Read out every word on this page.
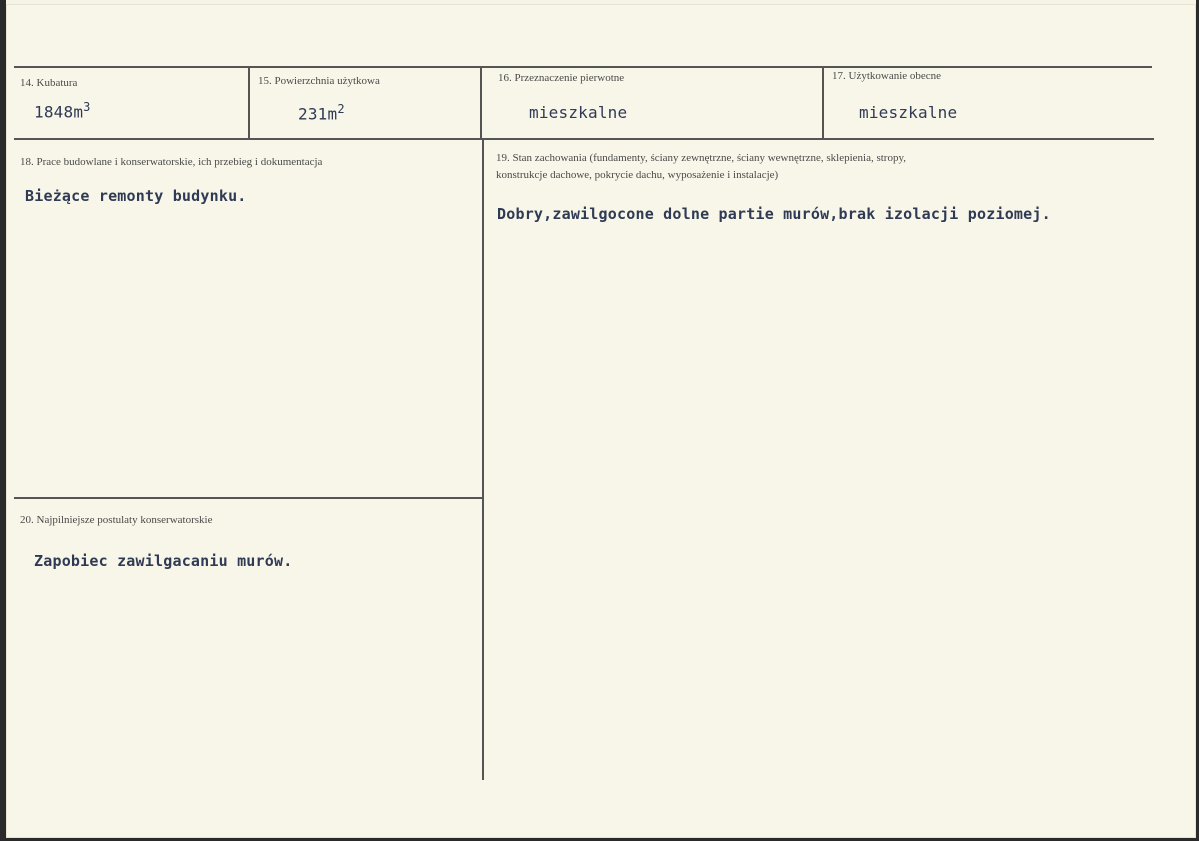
14. Kubatura
$1848m^3$
15. Powierzchnia użytkowa
$231m^2$
16. Przeznaczenie pierwotne
mieszkalne
17. Użytkowanie obecne
mieszkalne
18. Prace budowlane i konserwatorskie, ich przebieg i dokumentacja
Bieżące remonty budynku.
19. Stan zachowania (fundamenty, ściany zewnętrzne, ściany wewnętrzne, sklepienia, stropy,
konstrukcje dachowe, pokrycie dachu, wyposażenie i instalacje)
Dobry,zawilgocone dolne partie murów,brak izolacji poziomej.
20. Najpilniejsze postulaty konserwatorskie
Zapobiec zawilgacaniu murów.
